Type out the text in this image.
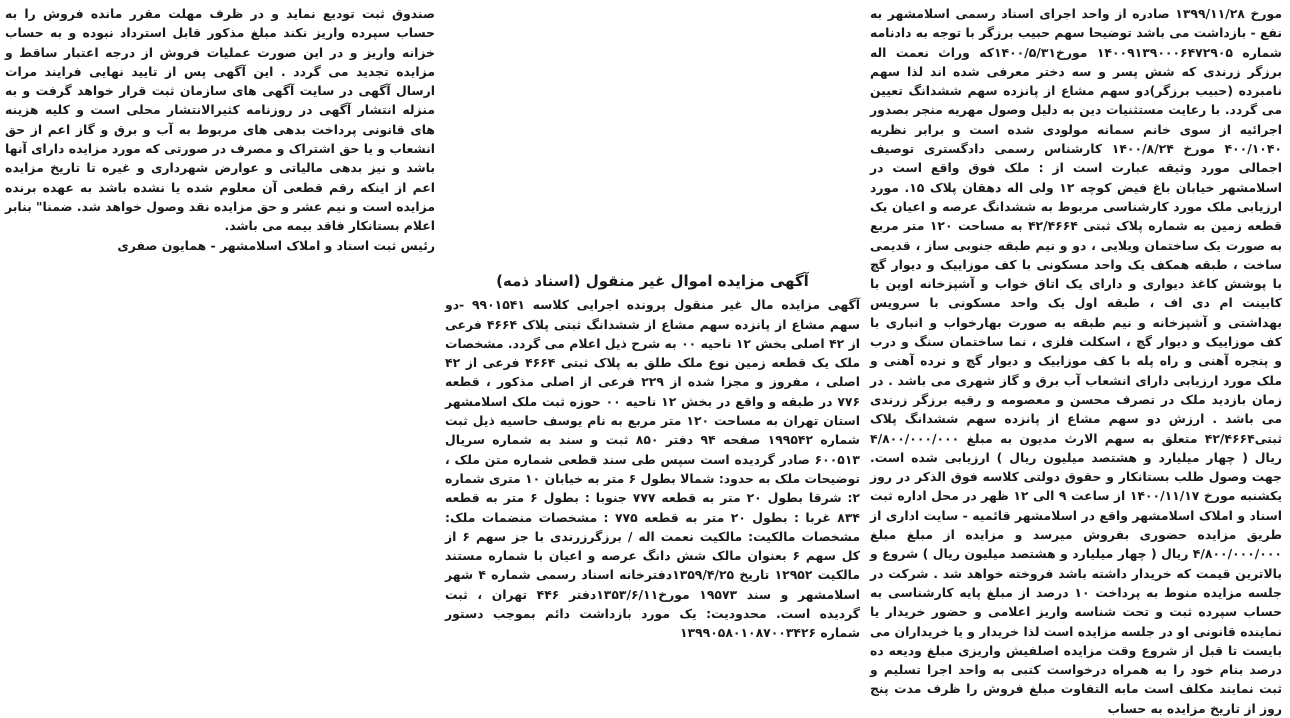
مورخ ۱۳۹۹/۱۱/۲۸ صادره از واحد اجرای اسناد رسمی اسلامشهر به نفع - بازداشت می باشد توضیحا سهم حبیب برزگر با توجه به دادنامه شماره ۱۴۰۰۹۱۳۹۰۰۰۶۴۷۲۹۰۵ مورخ۱۴۰۰/۵/۳۱که وراث نعمت اله برزگر زرندی که شش پسر و سه دختر معرفی شده اند لذا سهم نامبرده (حبیب برزگر)دو سهم مشاع از پانزده سهم ششدانگ تعیین می گردد. با رعایت مستثنیات دین به دلیل وصول مهریه منجر بصدور اجرائیه از سوی خانم سمانه مولودی شده است و برابر نظریه ۴۰۰/۱۰۴۰ مورخ ۱۴۰۰/۸/۲۴ کارشناس رسمی دادگستری توصیف اجمالی مورد وثیقه عبارت است از : ملک فوق واقع است در اسلامشهر خیابان باغ فیض کوچه ۱۲ ولی اله دهقان پلاک ۱۵. مورد ارزیابی ملک مورد کارشناسی مربوط به ششدانگ عرصه و اعیان یک قطعه زمین به شماره پلاک ثبتی ۴۲/۴۶۶۴ به مساحت ۱۲۰ متر مربع به صورت یک ساختمان ویلایی ، دو و نیم طبقه جنوبی ساز ، قدیمی ساخت ، طبقه همکف یک واحد مسکونی با کف موزاییک و دیوار گچ با پوشش کاغذ دیواری و دارای یک اتاق خواب و آشپزخانه اوپن با کابینت ام دی اف ، طبقه اول یک واحد مسکونی با سرویس بهداشتی و آشپزخانه و نیم طبقه به صورت بهارخواب و انباری با کف موزاییک و دیوار گچ ، اسکلت فلزی ، نما ساختمان سنگ و درب و پنجره آهنی و راه پله با کف موزاییک و دیوار گچ و نرده آهنی و ملک مورد ارزیابی دارای انشعاب آب برق و گاز شهری می باشد . در زمان بازدید ملک در تصرف محسن و معصومه و رقیه برزگر زرندی می باشد . ارزش دو سهم مشاع از پانزده سهم ششدانگ پلاک ثبتی۴۲/۴۶۶۴ متعلق به سهم الارث مدیون به مبلغ ۴/۸۰۰/۰۰۰/۰۰۰ ریال ( چهار میلیارد و هشتصد میلیون ریال ) ارزیابی شده است. جهت وصول طلب بستانکار و حقوق دولتی کلاسه فوق الذکر در روز یکشنبه مورخ ۱۴۰۰/۱۱/۱۷ از ساعت ۹ الی ۱۲ ظهر در محل اداره ثبت اسناد و املاک اسلامشهر واقع در اسلامشهر قائمیه - سایت اداری از طریق مزایده حضوری بفروش میرسد و مزایده از مبلغ مبلغ ۴/۸۰۰/۰۰۰/۰۰۰ ریال ( چهار میلیارد و هشتصد میلیون ریال ) شروع و بالاترین قیمت که خریدار داشته باشد فروخته خواهد شد . شرکت در جلسه مزایده منوط به پرداخت ۱۰ درصد از مبلغ پایه کارشناسی به حساب سپرده ثبت و تحت شناسه واریز اعلامی و حضور خریدار یا نماینده قانونی او در جلسه مزایده است لذا خریدار و یا خریداران می بایست تا قبل از شروع وقت مزایده اصلفیش واریزی مبلغ ودیعه ده درصد بنام خود را به همراه درخواست کتبی به واحد اجرا تسلیم و ثبت نمایند مکلف است مابه التفاوت مبلغ فروش را ظرف مدت پنج روز از تاریخ مزایده به حساب

آگهی مزایده اموال غیر منقول (اسناد ذمه)

آگهی مزایده مال غیر منقول پرونده اجرایی کلاسه ۹۹۰۱۵۴۱ -دو سهم مشاع از پانزده سهم مشاع از ششدانگ ثبتی پلاک ۴۶۶۴ فرعی از ۴۲ اصلی بخش ۱۲ ناحیه ۰۰ به شرح ذیل اعلام می گردد. مشخصات ملک یک قطعه زمین نوع ملک طلق به پلاک ثبتی ۴۶۶۴ فرعی از ۴۲ اصلی ، مفروز و مجزا شده از ۲۲۹ فرعی از اصلی مذکور ، قطعه ۷۷۶ در طبقه و واقع در بخش ۱۲ ناحیه ۰۰ حوزه ثبت ملک اسلامشهر استان تهران به مساحت ۱۲۰ متر مربع به نام یوسف حاسیه ذیل ثبت شماره ۱۹۹۵۴۲ صفحه ۹۴ دفتر ۸۵۰ ثبت و سند به شماره سریال ۶۰۰۵۱۳ صادر گردیده است سپس طی سند قطعی شماره متن ملک ، توضیحات ملک به حدود: شمالا بطول ۶ متر به خیابان ۱۰ متری شماره ۲: شرقا بطول ۲۰ متر به قطعه ۷۷۷ جنوبا : بطول ۶ متر به قطعه ۸۳۴ غربا : بطول ۲۰ متر به قطعه ۷۷۵ : مشخصات منضمات ملک: مشخصات مالکیت: مالکیت نعمت اله / برزگرزرندی با جز سهم ۶ از کل سهم ۶ بعنوان مالک شش دانگ عرصه و اعیان با شماره مستند مالکیت ۱۲۹۵۲ تاریخ ۱۳۵۹/۴/۲۵دفترخانه اسناد رسمی شماره ۴ شهر اسلامشهر و سند ۱۹۵۷۳ مورخ۱۳۵۳/۶/۱۱دفتر ۴۴۶ تهران ، ثبت گردیده است. محدودیت: یک مورد بازداشت دائم بموجب دستور شماره ۱۳۹۹۰۵۸۰۱۰۸۷۰۰۳۴۲۶

صندوق ثبت تودیع نماید و در ظرف مهلت مقرر مانده فروش را به حساب سپرده واریز نکند مبلغ مذکور قابل استرداد نبوده و به حساب خزانه واریز و در این صورت عملیات فروش از درجه اعتبار ساقط و مزایده تجدید می گردد . این آگهی پس از تایید نهایی فرایند مرات ارسال آگهی در سایت آگهی های سازمان ثبت قرار خواهد گرفت و به منزله انتشار آگهی در روزنامه کثیرالانتشار محلی است و کلیه هزینه های قانونی پرداخت بدهی های مربوط به آب و برق و گاز اعم از حق انشعاب و یا حق اشتراک و مصرف در صورتی که مورد مزایده دارای آنها باشد و نیز بدهی مالیاتی و عوارض شهرداری و غیره تا تاریخ مزایده اعم از اینکه رقم قطعی آن معلوم شده یا نشده باشد به عهده برنده مزایده است و نیم عشر و حق مزایده نقد وصول خواهد شد. ضمنا" بنابر اعلام بستانکار فاقد بیمه می باشد.

رئیس ثبت اسناد و املاک اسلامشهر - همایون صفری
